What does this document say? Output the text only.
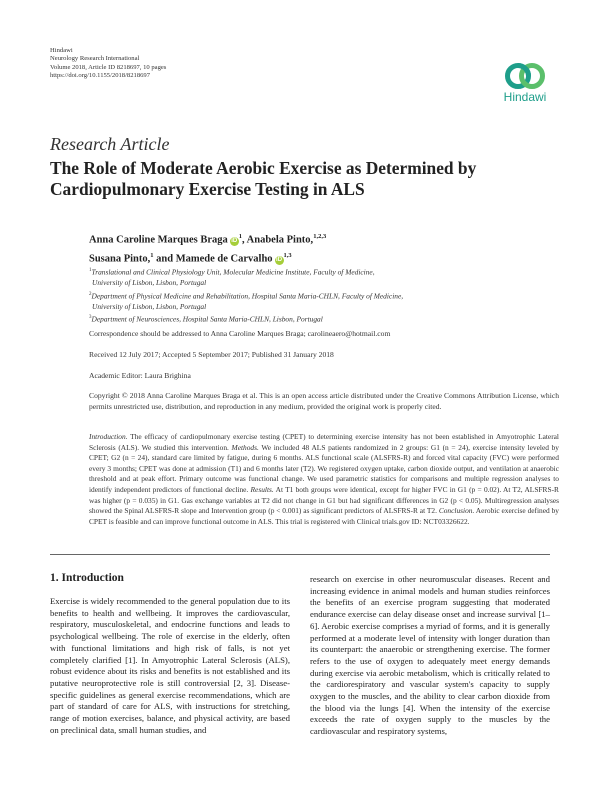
Hindawi
Neurology Research International
Volume 2018, Article ID 8218697, 10 pages
https://doi.org/10.1155/2018/8218697
Hindawi
Research Article
The Role of Moderate Aerobic Exercise as Determined by Cardiopulmonary Exercise Testing in ALS
Anna Caroline Marques Braga $iD^1$, Anabela Pinto,$^{1,2,3}$
Susana Pinto,$^1$ and Mamede de Carvalho iD$^{1,3}$
$^1$Translational and Clinical Physiology Unit, Molecular Medicine Institute, Faculty of Medicine,
University of Lisbon, Lisbon, Portugal
$^2$Department of Physical Medicine and Rehabilitation, Hospital Santa Maria-CHLN, Faculty of Medicine,
University of Lisbon, Lisbon, Portugal
$^3$Department of Neurosciences, Hospital Santa Maria-CHLN, Lisbon, Portugal
Correspondence should be addressed to Anna Caroline Marques Braga; carolineaero@hotmail.com
Received 12 July 2017; Accepted 5 September 2017; Published 31 January 2018
Academic Editor: Laura Brighina
Copyright © 2018 Anna Caroline Marques Braga et al. This is an open access article distributed under the Creative Commons Attribution License, which permits unrestricted use, distribution, and reproduction in any medium, provided the original work is properly cited.
Introduction. The efficacy of cardiopulmonary exercise testing (CPET) to determining exercise intensity has not been established in Amyotrophic Lateral Sclerosis (ALS). We studied this intervention. Methods. We included 48 ALS patients randomized in 2 groups: G1 (n = 24), exercise intensity leveled by CPET; G2 (n = 24), standard care limited by fatigue, during 6 months. ALS functional scale (ALSFRS-R) and forced vital capacity (FVC) were performed every 3 months; CPET was done at admission (T1) and 6 months later (T2). We registered oxygen uptake, carbon dioxide output, and ventilation at anaerobic threshold and at peak effort. Primary outcome was functional change. We used parametric statistics for comparisons and multiple regression analyses to identify independent predictors of functional decline. Results. At T1 both groups were identical, except for higher FVC in G1 (p = 0.02). At T2, ALSFRS-R was higher (p = 0.035) in G1. Gas exchange variables at T2 did not change in G1 but had significant differences in G2 (p < 0.05). Multiregression analyses showed the Spinal ALSFRS-R slope and Intervention group (p < 0.001) as significant predictors of ALSFRS-R at T2. Conclusion. Aerobic exercise defined by CPET is feasible and can improve functional outcome in ALS. This trial is registered with Clinical trials.gov ID: NCT03326622.
1. Introduction
Exercise is widely recommended to the general population due to its benefits to health and wellbeing. It improves the cardiovascular, respiratory, musculoskeletal, and endocrine functions and leads to psychological wellbeing. The role of exercise in the elderly, often with functional limitations and high risk of falls, is not yet completely clarified [1]. In Amyotrophic Lateral Sclerosis (ALS), robust evidence about its risks and benefits is not established and its putative neuroprotective role is still controversial [2, 3]. Disease-specific guidelines as general exercise recommendations, which are part of standard of care for ALS, with instructions for stretching, range of motion exercises, balance, and physical activity, are based on preclinical data, small human studies, and
research on exercise in other neuromuscular diseases. Recent and increasing evidence in animal models and human studies reinforces the benefits of an exercise program suggesting that moderated endurance exercise can delay disease onset and increase survival [1–6]. Aerobic exercise comprises a myriad of forms, and it is generally performed at a moderate level of intensity with longer duration than its counterpart: the anaerobic or strengthening exercise. The former refers to the use of oxygen to adequately meet energy demands during exercise via aerobic metabolism, which is critically related to the cardiorespiratory and vascular system's capacity to supply oxygen to the muscles, and the ability to clear carbon dioxide from the blood via the lungs [4]. When the intensity of the exercise exceeds the rate of oxygen supply to the muscles by the cardiovascular and respiratory systems,
